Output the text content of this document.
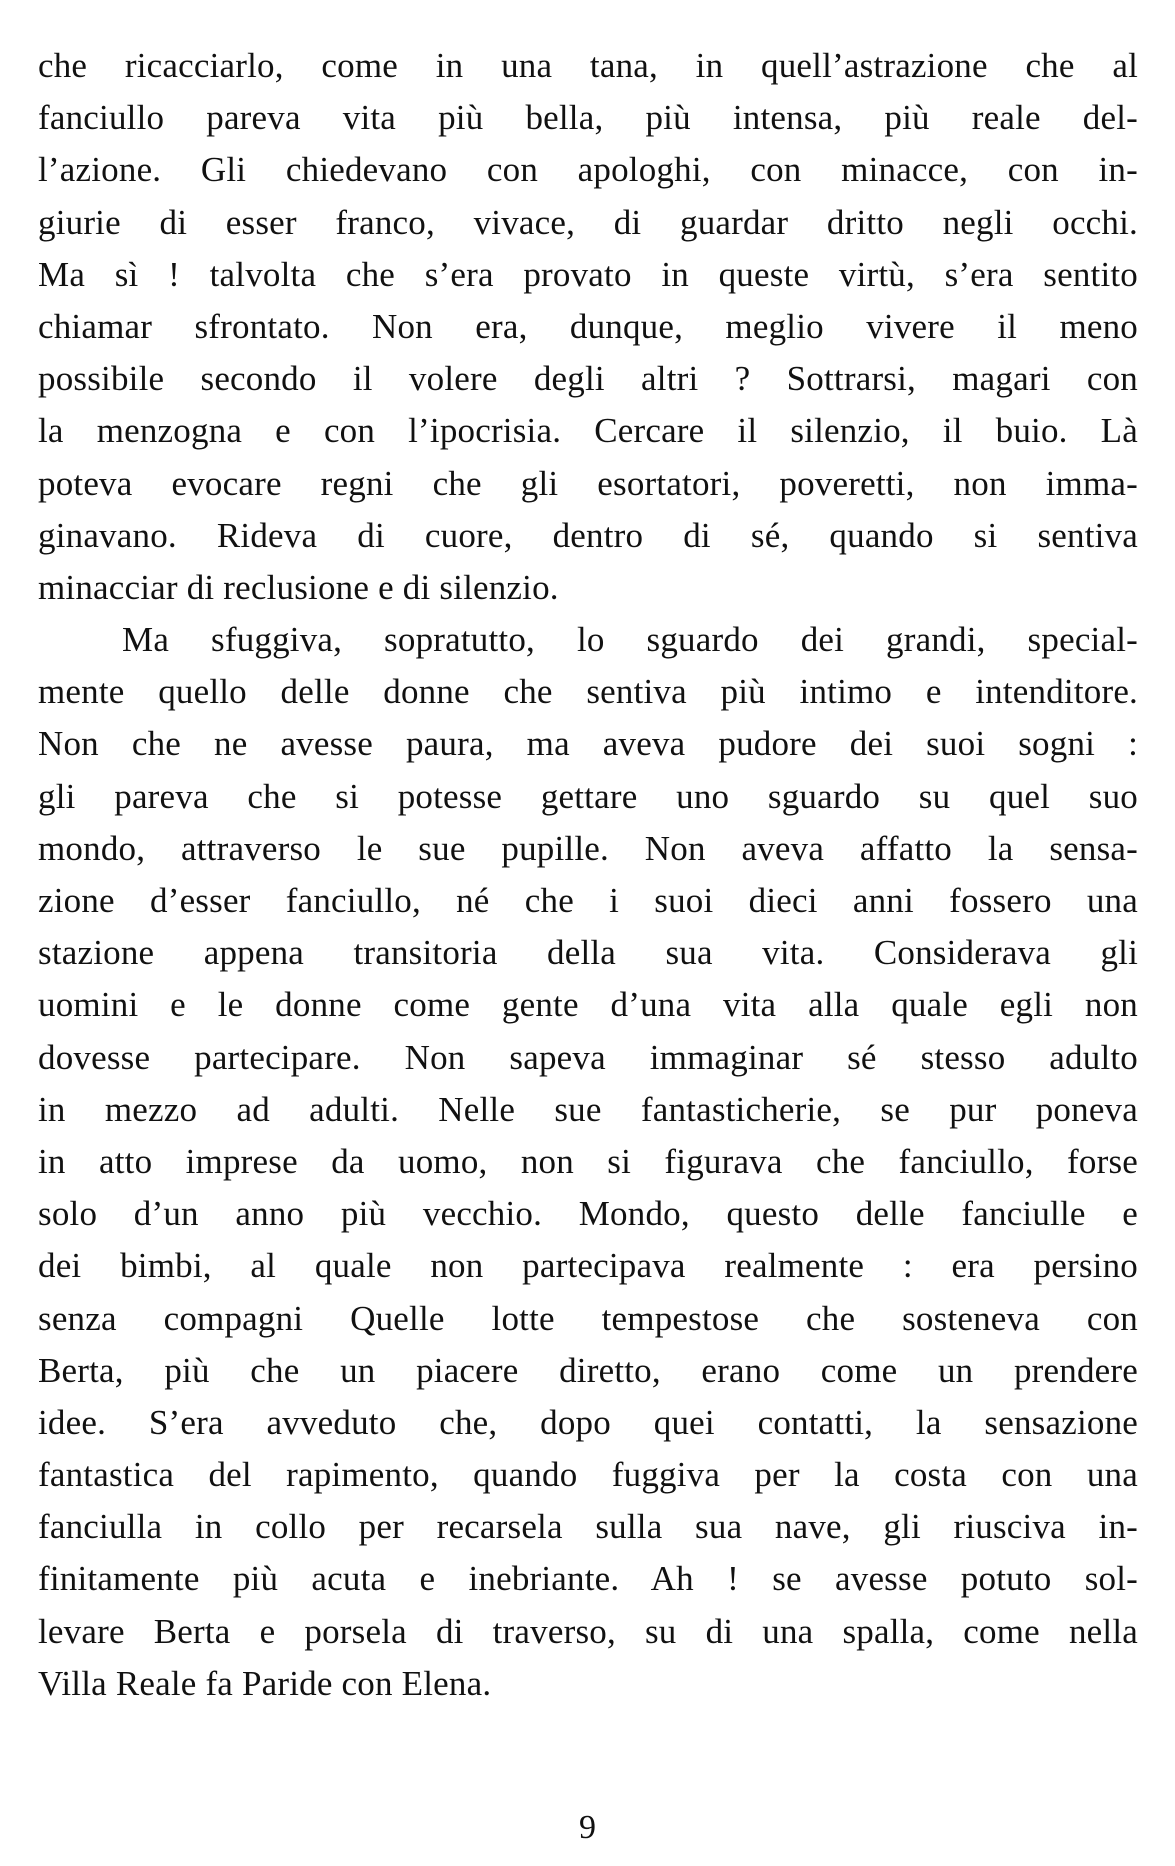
che ricacciarlo, come in una tana, in quell’astrazione che al
fanciullo pareva vita più bella, più intensa, più reale del-
l’azione. Gli chiedevano con apologhi, con minacce, con in-
giurie di esser franco, vivace, di guardar dritto negli occhi.
Ma sì ! talvolta che s’era provato in queste virtù, s’era sentito
chiamar sfrontato. Non era, dunque, meglio vivere il meno
possibile secondo il volere degli altri ? Sottrarsi, magari con
la menzogna e con l’ipocrisia. Cercare il silenzio, il buio. Là
poteva evocare regni che gli esortatori, poveretti, non imma-
ginavano. Rideva di cuore, dentro di sé, quando si sentiva
minacciar di reclusione e di silenzio.
Ma sfuggiva, sopratutto, lo sguardo dei grandi, special-
mente quello delle donne che sentiva più intimo e intenditore.
Non che ne avesse paura, ma aveva pudore dei suoi sogni :
gli pareva che si potesse gettare uno sguardo su quel suo
mondo, attraverso le sue pupille. Non aveva affatto la sensa-
zione d’esser fanciullo, né che i suoi dieci anni fossero una
stazione appena transitoria della sua vita. Considerava gli
uomini e le donne come gente d’una vita alla quale egli non
dovesse partecipare. Non sapeva immaginar sé stesso adulto
in mezzo ad adulti. Nelle sue fantasticherie, se pur poneva
in atto imprese da uomo, non si figurava che fanciullo, forse
solo d’un anno più vecchio. Mondo, questo delle fanciulle e
dei bimbi, al quale non partecipava realmente : era persino
senza compagni Quelle lotte tempestose che sosteneva con
Berta, più che un piacere diretto, erano come un prendere
idee. S’era avveduto che, dopo quei contatti, la sensazione
fantastica del rapimento, quando fuggiva per la costa con una
fanciulla in collo per recarsela sulla sua nave, gli riusciva in-
finitamente più acuta e inebriante. Ah ! se avesse potuto sol-
levare Berta e porsela di traverso, su di una spalla, come nella
Villa Reale fa Paride con Elena.
9
